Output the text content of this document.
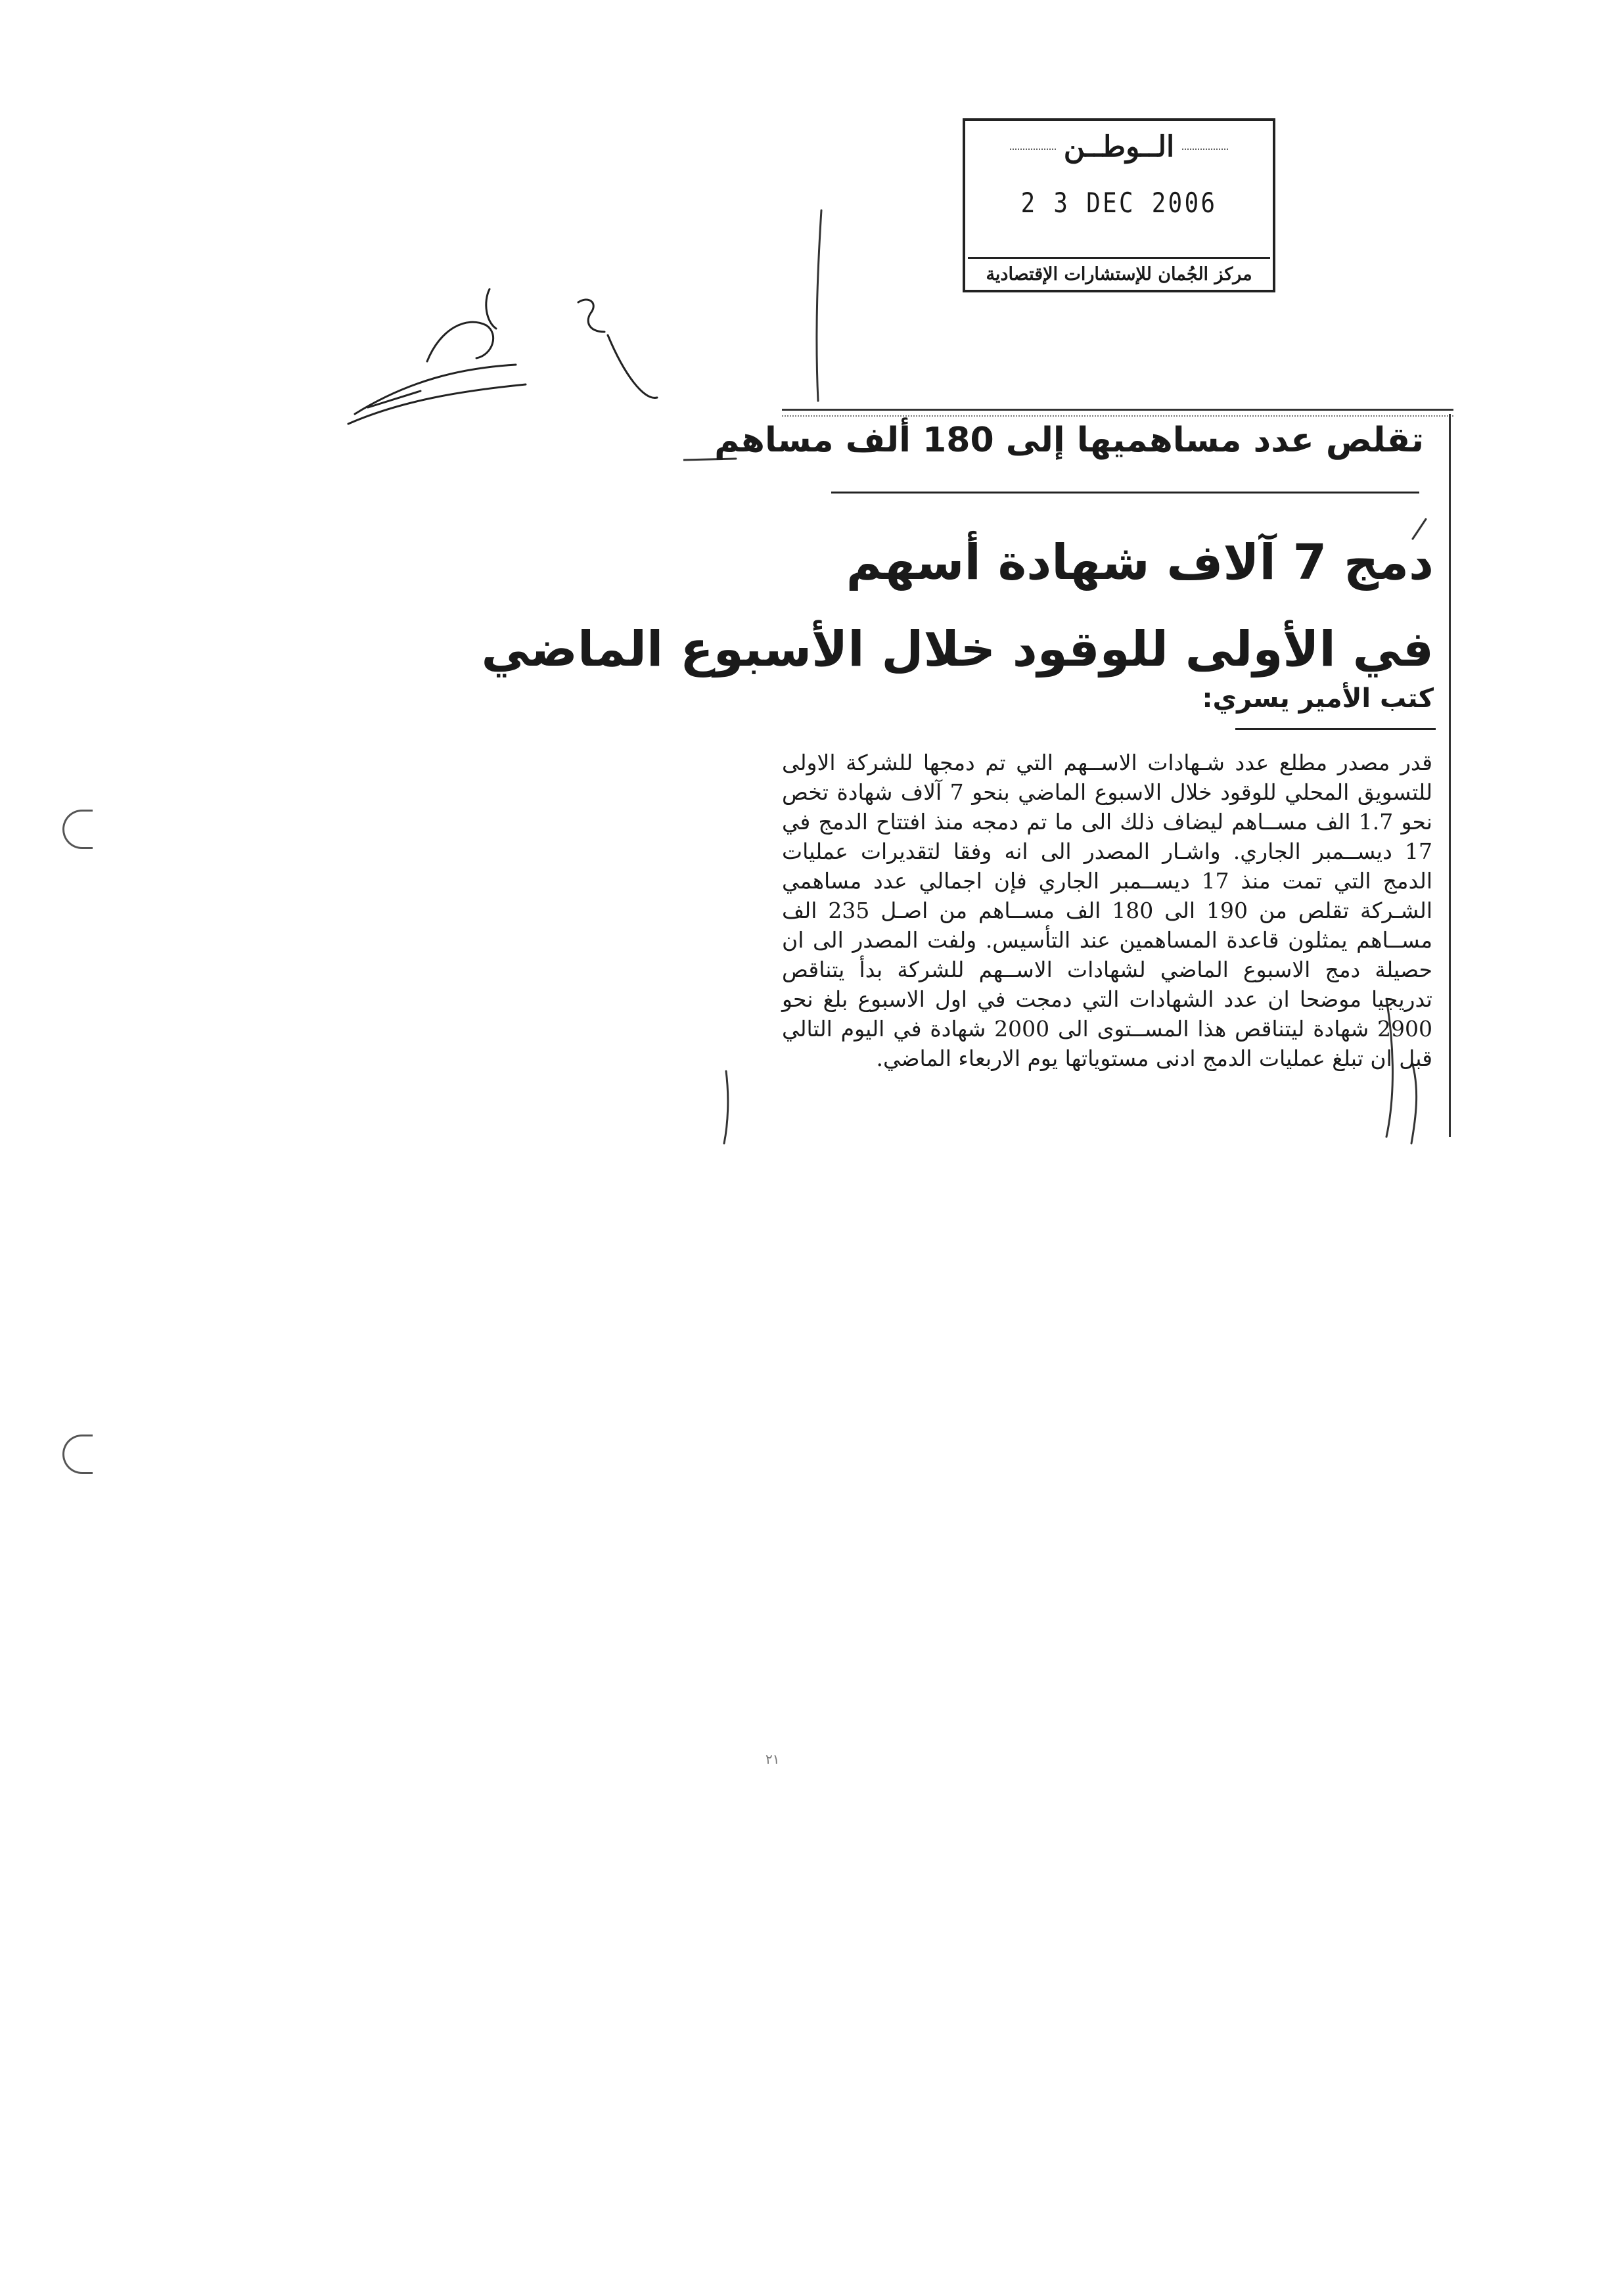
الــوطــن
2 3 DEC 2006
مركز الجُمان للإستشارات الإقتصادية
تقلص عدد مساهميها إلى 180 ألف مساهم
دمج 7 آلاف شهادة أسهم
في الأولى للوقود خلال الأسبوع الماضي
كتب الأمير يسري:
قدر مصدر مطلع عدد شـهادات الاســهم التي تم دمجها للشركة الاولى للتسويق المحلي للوقود خلال الاسبوع الماضي بنحو 7 آلاف شهادة تخص نحو 1.7 الف مســاهم ليضاف ذلك الى ما تم دمجه منذ افتتاح الدمج في 17 ديســمبر الجاري. واشـار المصدر الى انه وفقا لتقديرات عمليات الدمج التي تمت منذ 17 ديســمبر الجاري فإن اجمالي عدد مساهمي الشـركة تقلص من 190 الى 180 الف مســاهم من اصـل 235 الف مســاهم يمثلون قاعدة المساهمين عند التأسيس. ولفت المصدر الى ان حصيلة دمج الاسبوع الماضي لشهادات الاســهم للشركة بدأ يتناقص تدريجيا موضحا ان عدد الشهادات التي دمجت في اول الاسبوع بلغ نحو 2900 شهادة ليتناقص هذا المســتوى الى 2000 شهادة في اليوم التالي قبل ان تبلغ عمليات الدمج ادنى مستوياتها يوم الاربعاء الماضي.
٢١
